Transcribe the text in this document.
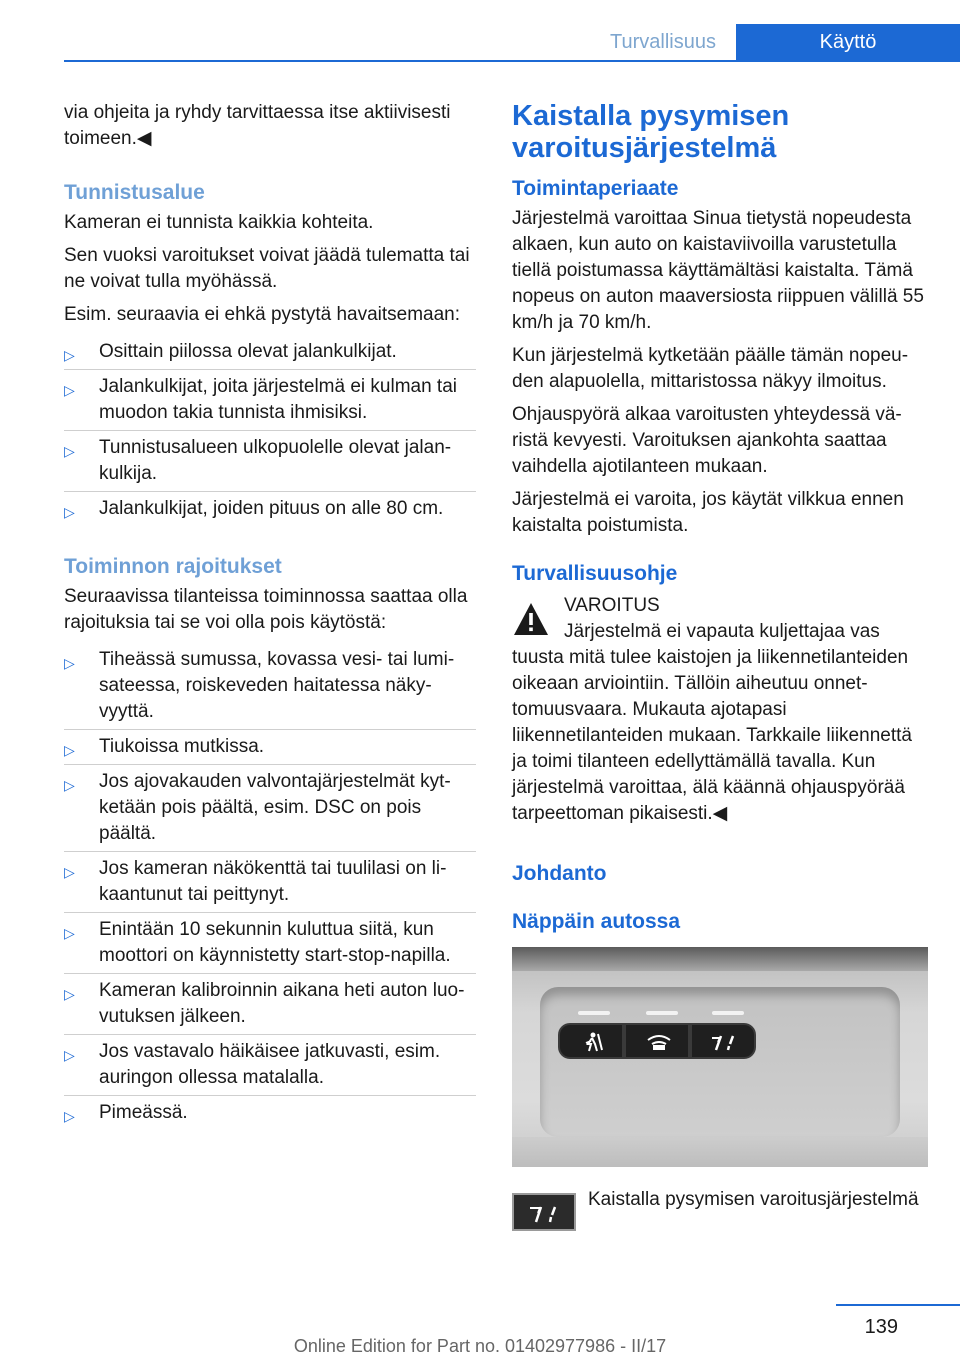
Turvallisuus	Käyttö

via ohjeita ja ryhdy tarvittaessa itse aktiivisesti toimeen.◀

Tunnistusalue

Kameran ei tunnista kaikkia kohteita.

Sen vuoksi varoitukset voivat jäädä tulematta tai ne voivat tulla myöhässä.

Esim. seuraavia ei ehkä pystytä havaitsemaan:

▷ Osittain piilossa olevat jalankulkijat.
▷ Jalankulkijat, joita järjestelmä ei kulman tai muodon takia tunnista ihmisiksi.
▷ Tunnistusalueen ulkopuolelle olevat jalankulkija.
▷ Jalankulkijat, joiden pituus on alle 80 cm.
Toiminnon rajoitukset

Seuraavissa tilanteissa toiminnossa saattaa olla rajoituksia tai se voi olla pois käytöstä:

▷ Tiheässä sumussa, kovassa vesi- tai lumisateessa, roiskeveden haitatessa näkyvyyttä.
▷ Tiukoissa mutkissa.
▷ Jos ajovakauden valvontajärjestelmät kytketään pois päältä, esim. DSC on pois päältä.
▷ Jos kameran näkökenttä tai tuulilasi on likaantunut tai peittynyt.
▷ Enintään 10 sekunnin kuluttua siitä, kun moottori on käynnistetty start-stop-napilla.
▷ Kameran kalibroinnin aikana heti auton luovutuksen jälkeen.
▷ Jos vastavalo häikäisee jatkuvasti, esim. auringon ollessa matalalla.
▷ Pimeässä.
Kaistalla pysymisen varoitusjärjestelmä
Toimintaperiaate

Järjestelmä varoittaa Sinua tietystä nopeudesta alkaen, kun auto on kaistaviivoilla varustetulla tiellä poistumassa käyttämältäsi kaistalta. Tämä nopeus on auton maaversiosta riippuen välillä 55 km/h ja 70 km/h.

Kun järjestelmä kytketään päälle tämän nopeuden alapuolella, mittaristossa näkyy ilmoitus.

Ohjauspyörä alkaa varoitusten yhteydessä väristä kevyesti. Varoituksen ajankohta saattaa vaihdella ajotilanteen mukaan.

Järjestelmä ei varoita, jos käytät vilkkua ennen kaistalta poistumista.

Turvallisuusohje
VAROITUS
Järjestelmä ei vapauta kuljettajaa vas
tuusta mitä tulee kaistojen ja liikennetilanteiden oikeaan arviointiin. Tällöin aiheutuu onnettomuusvaara. Mukauta ajotapasi liikennetilanteiden mukaan. Tarkkaile liikennettä ja toimi tilanteen edellyttämällä tavalla. Kun järjestelmä varoittaa, älä käännä ohjauspyörää tarpeettoman pikaisesti.◀
Johdanto
Näppäin autossa
Kaistalla pysymisen varoitusjärjestelmä
139
Online Edition for Part no. 01402977986 - II/17
